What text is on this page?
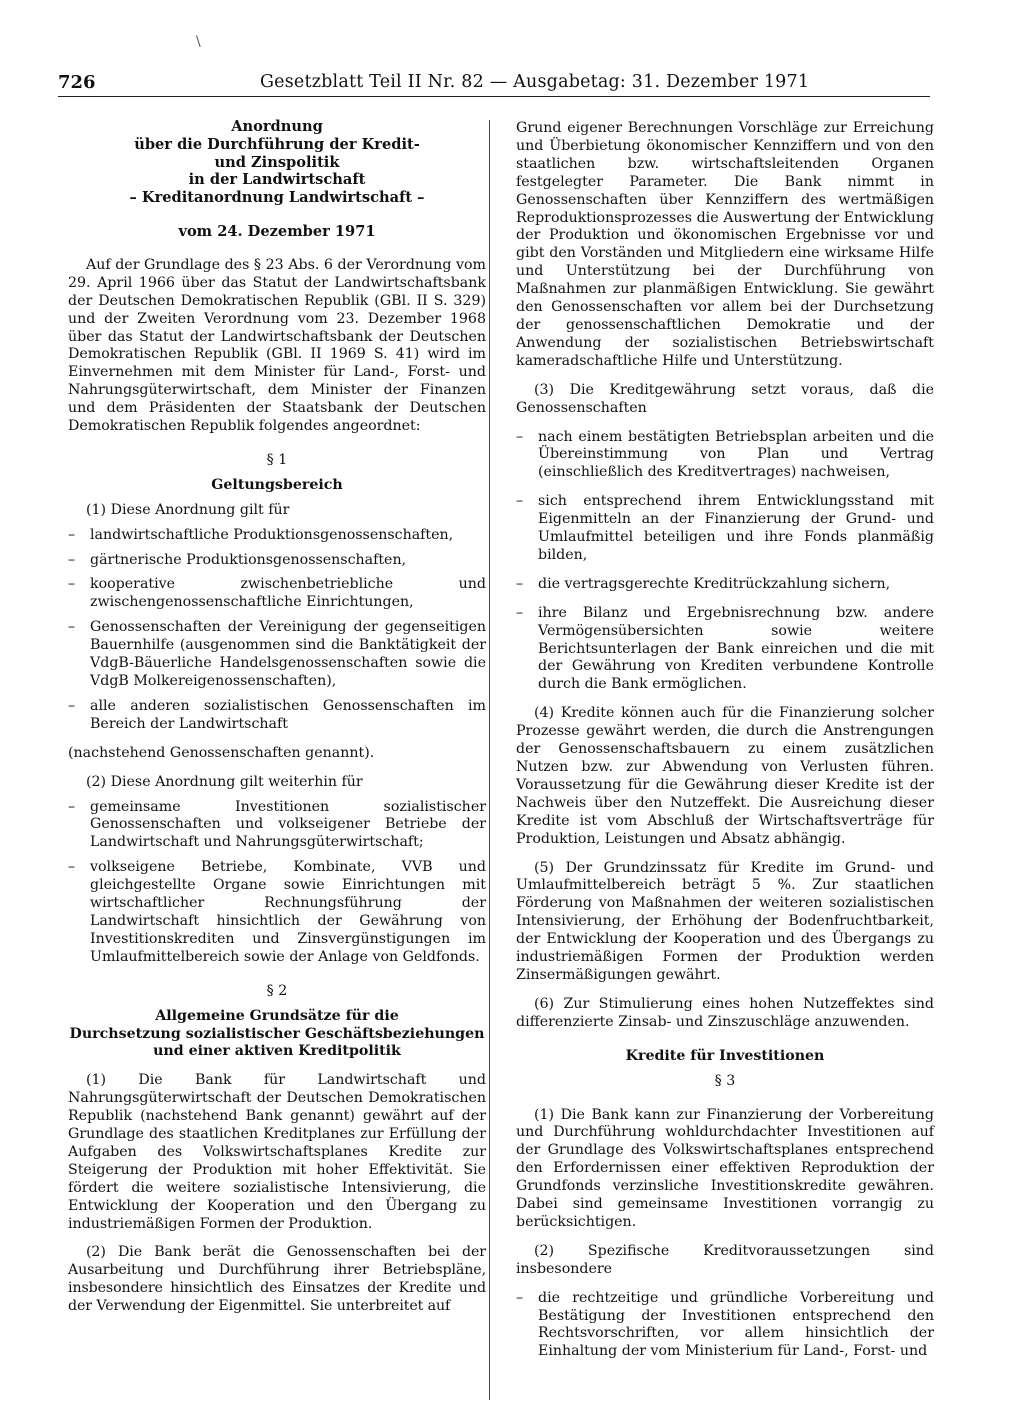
\
726	Gesetzblatt Teil II Nr. 82 — Ausgabetag: 31. Dezember 1971

Anordnung

über die Durchführung der Kredit-

und Zinspolitik

in der Landwirtschaft

– Kreditanordnung Landwirtschaft –

vom 24. Dezember 1971

Auf der Grundlage des § 23 Abs. 6 der Verordnung vom 29. April 1966 über das Statut der Landwirtschaftsbank der Deutschen Demokratischen Republik (GBl. II S. 329) und der Zweiten Verordnung vom 23. Dezember 1968 über das Statut der Landwirtschaftsbank der Deutschen Demokratischen Republik (GBl. II 1969 S. 41) wird im Einvernehmen mit dem Minister für Land-, Forst- und Nahrungsgüterwirtschaft, dem Minister der Finanzen und dem Präsidenten der Staatsbank der Deutschen Demokratischen Republik folgendes angeordnet:

§ 1

Geltungsbereich

(1) Diese Anordnung gilt für

– landwirtschaftliche Produktionsgenossenschaften,

– gärtnerische Produktionsgenossenschaften,

– kooperative zwischenbetriebliche und zwischengenossenschaftliche Einrichtungen,

– Genossenschaften der Vereinigung der gegenseitigen Bauernhilfe (ausgenommen sind die Banktätigkeit der VdgB-Bäuerliche Handelsgenossenschaften sowie die VdgB Molkereigenossenschaften),

– alle anderen sozialistischen Genossenschaften im Bereich der Landwirtschaft

(nachstehend Genossenschaften genannt).

(2) Diese Anordnung gilt weiterhin für

– gemeinsame Investitionen sozialistischer Genossenschaften und volkseigener Betriebe der Landwirtschaft und Nahrungsgüterwirtschaft;

– volkseigene Betriebe, Kombinate, VVB und gleichgestellte Organe sowie Einrichtungen mit wirtschaftlicher Rechnungsführung der Landwirtschaft hinsichtlich der Gewährung von Investitionskrediten und Zinsvergünstigungen im Umlaufmittelbereich sowie der Anlage von Geldfonds.

§ 2

Allgemeine Grundsätze für die

Durchsetzung sozialistischer Geschäftsbeziehungen

und einer aktiven Kreditpolitik

(1) Die Bank für Landwirtschaft und Nahrungsgüterwirtschaft der Deutschen Demokratischen Republik (nachstehend Bank genannt) gewährt auf der Grundlage des staatlichen Kreditplanes zur Erfüllung der Aufgaben des Volkswirtschaftsplanes Kredite zur Steigerung der Produktion mit hoher Effektivität. Sie fördert die weitere sozialistische Intensivierung, die Entwicklung der Kooperation und den Übergang zu industriemäßigen Formen der Produktion.

(2) Die Bank berät die Genossenschaften bei der Ausarbeitung und Durchführung ihrer Betriebspläne, insbesondere hinsichtlich des Einsatzes der Kredite und der Verwendung der Eigenmittel. Sie unterbreitet auf

Grund eigener Berechnungen Vorschläge zur Erreichung und Überbietung ökonomischer Kennziffern und von den staatlichen bzw. wirtschaftsleitenden Organen festgelegter Parameter. Die Bank nimmt in Genossenschaften über Kennziffern des wertmäßigen Reproduktionsprozesses die Auswertung der Entwicklung der Produktion und ökonomischen Ergebnisse vor und gibt den Vorständen und Mitgliedern eine wirksame Hilfe und Unterstützung bei der Durchführung von Maßnahmen zur planmäßigen Entwicklung. Sie gewährt den Genossenschaften vor allem bei der Durchsetzung der genossenschaftlichen Demokratie und der Anwendung der sozialistischen Betriebswirtschaft kameradschaftliche Hilfe und Unterstützung.

(3) Die Kreditgewährung setzt voraus, daß die Genossenschaften

– nach einem bestätigten Betriebsplan arbeiten und die Übereinstimmung von Plan und Vertrag (einschließlich des Kreditvertrages) nachweisen,

– sich entsprechend ihrem Entwicklungsstand mit Eigenmitteln an der Finanzierung der Grund- und Umlaufmittel beteiligen und ihre Fonds planmäßig bilden,

– die vertragsgerechte Kreditrückzahlung sichern,

– ihre Bilanz und Ergebnisrechnung bzw. andere Vermögensübersichten sowie weitere Berichtsunterlagen der Bank einreichen und die mit der Gewährung von Krediten verbundene Kontrolle durch die Bank ermöglichen.

(4) Kredite können auch für die Finanzierung solcher Prozesse gewährt werden, die durch die Anstrengungen der Genossenschaftsbauern zu einem zusätzlichen Nutzen bzw. zur Abwendung von Verlusten führen. Voraussetzung für die Gewährung dieser Kredite ist der Nachweis über den Nutzeffekt. Die Ausreichung dieser Kredite ist vom Abschluß der Wirtschaftsverträge für Produktion, Leistungen und Absatz abhängig.

(5) Der Grundzinssatz für Kredite im Grund- und Umlaufmittelbereich beträgt 5 %. Zur staatlichen Förderung von Maßnahmen der weiteren sozialistischen Intensivierung, der Erhöhung der Bodenfruchtbarkeit, der Entwicklung der Kooperation und des Übergangs zu industriemäßigen Formen der Produktion werden Zinsermäßigungen gewährt.

(6) Zur Stimulierung eines hohen Nutzeffektes sind differenzierte Zinsab- und Zinszuschläge anzuwenden.

Kredite für Investitionen

§ 3

(1) Die Bank kann zur Finanzierung der Vorbereitung und Durchführung wohldurchdachter Investitionen auf der Grundlage des Volkswirtschaftsplanes entsprechend den Erfordernissen einer effektiven Reproduktion der Grundfonds verzinsliche Investitionskredite gewähren. Dabei sind gemeinsame Investitionen vorrangig zu berücksichtigen.

(2) Spezifische Kreditvoraussetzungen sind insbesondere

– die rechtzeitige und gründliche Vorbereitung und Bestätigung der Investitionen entsprechend den Rechtsvorschriften, vor allem hinsichtlich der Einhaltung der vom Ministerium für Land-, Forst- und
